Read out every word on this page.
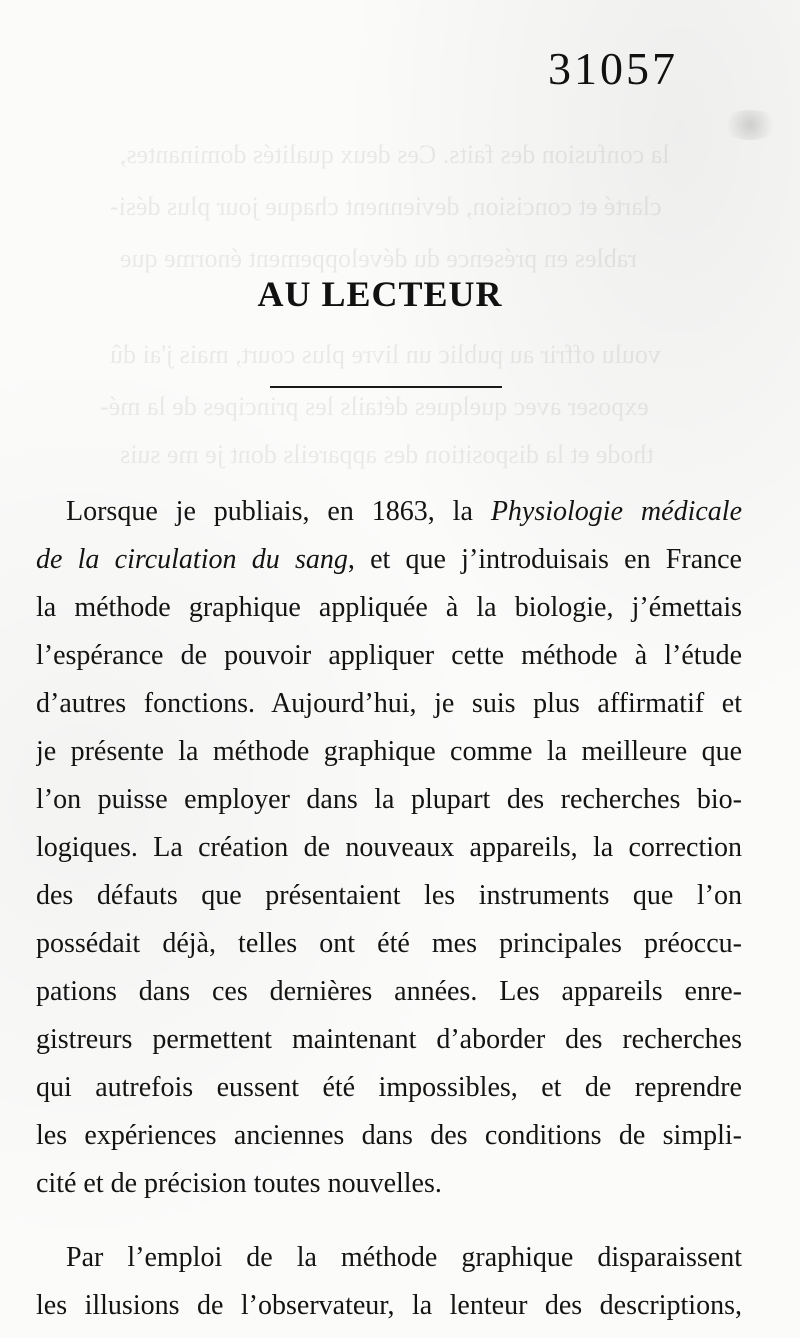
la confusion des faits. Ces deux qualités dominantes,
clarté et concision, deviennent chaque jour plus dési-
rables en présence du développement énorme que
voulu offrir au public un livre plus court, mais j'ai dû
exposer avec quelques détails les principes de la mé-
thode et la disposition des appareils dont je me suis
31057
AU LECTEUR
Lorsque je publiais, en 1863, la Physiologie médicale
de la circulation du sang, et que j’introduisais en France
la méthode graphique appliquée à la biologie, j’émettais
l’espérance de pouvoir appliquer cette méthode à l’étude
d’autres fonctions. Aujourd’hui, je suis plus affirmatif et
je présente la méthode graphique comme la meilleure que
l’on puisse employer dans la plupart des recherches bio-
logiques. La création de nouveaux appareils, la correction
des défauts que présentaient les instruments que l’on
possédait déjà, telles ont été mes principales préoccu-
pations dans ces dernières années. Les appareils enre-
gistreurs permettent maintenant d’aborder des recherches
qui autrefois eussent été impossibles, et de reprendre
les expériences anciennes dans des conditions de simpli-
cité et de précision toutes nouvelles.
Par l’emploi de la méthode graphique disparaissent
les illusions de l’observateur, la lenteur des descriptions,
